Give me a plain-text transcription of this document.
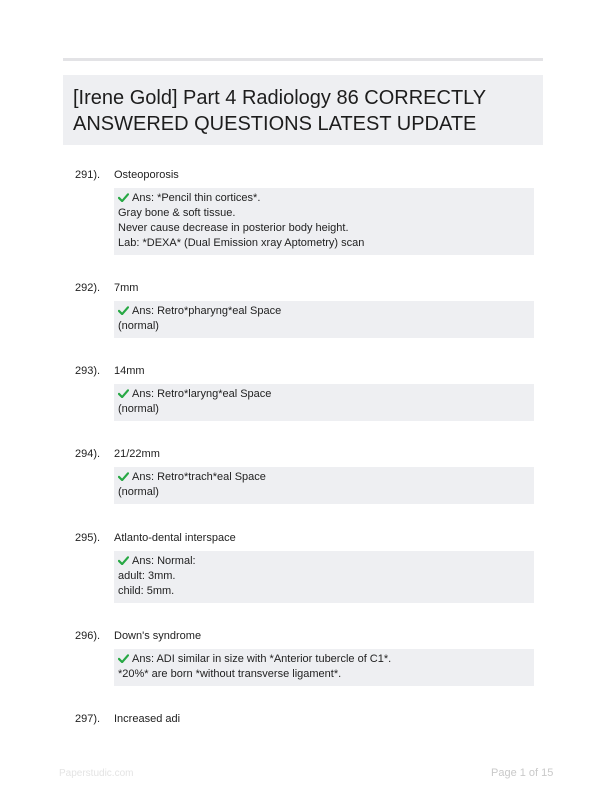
[Irene Gold] Part 4 Radiology 86 CORRECTLY ANSWERED QUESTIONS LATEST UPDATE
291). Osteoporosis
Ans: *Pencil thin cortices*.
Gray bone & soft tissue.
Never cause decrease in posterior body height.
Lab: *DEXA* (Dual Emission xray Aptometry) scan
292). 7mm
Ans: Retro*pharyng*eal Space
(normal)
293). 14mm
Ans: Retro*laryng*eal Space
(normal)
294). 21/22mm
Ans: Retro*trach*eal Space
(normal)
295). Atlanto-dental interspace
Ans: Normal:
adult: 3mm.
child: 5mm.
296). Down's syndrome
Ans: ADI similar in size with *Anterior tubercle of C1*.
*20%* are born *without transverse ligament*.
297). Increased adi
Paperstudic.com	Page 1 of 15
